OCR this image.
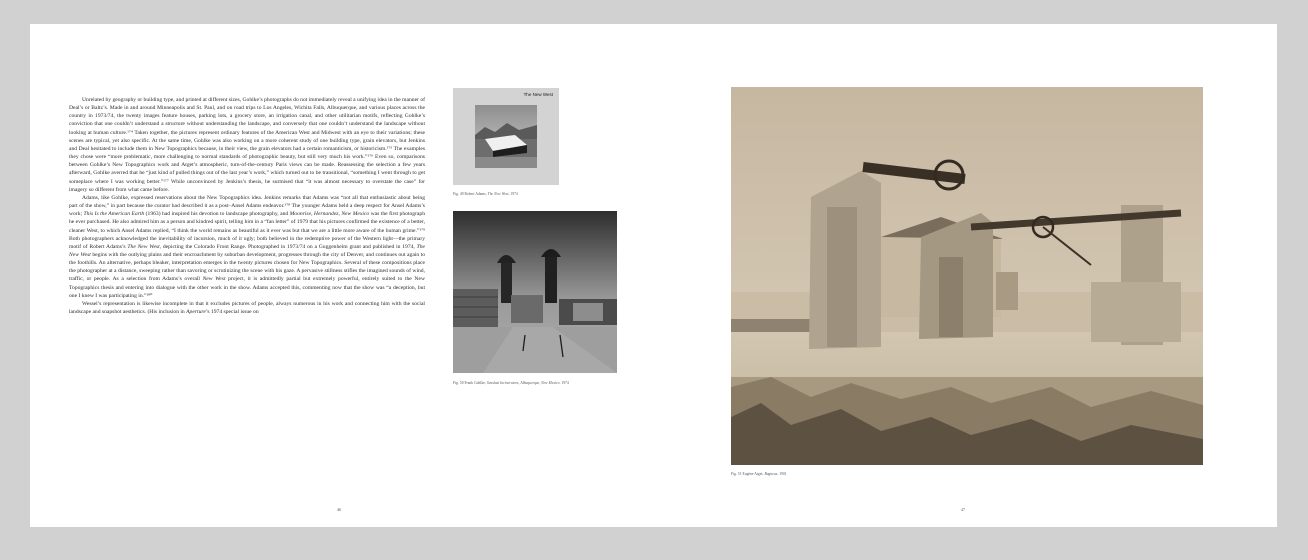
Unrelated by geography or building type, and printed at different sizes, Gohlke’s photographs do not immediately reveal a unifying idea in the manner of Deal’s or Baltz’s. Made in and around Minneapolis and St. Paul, and on road trips to Los Angeles, Wichita Falls, Albuquerque, and various places across the country in 1973/74, the twenty images feature houses, parking lots, a grocery store, an irrigation canal, and other utilitarian motifs, reflecting Gohlke’s conviction that one couldn’t understand a structure without understanding the landscape, and conversely that one couldn’t understand the landscape without looking at human culture.¹⁷⁴ Taken together, the pictures represent ordinary features of the American West and Midwest with an eye to their variations; these scenes are typical, yet also specific. At the same time, Gohlke was also working on a more coherent study of one building type, grain elevators, but Jenkins and Deal hesitated to include them in New Topographics because, in their view, the grain elevators had a certain romanticism, or historicism.¹⁷⁵ The examples they chose were “more problematic, more challenging to normal standards of photographic beauty, but still very much his work.”¹⁷⁶ Even so, comparisons between Gohlke’s New Topographics work and Atget’s atmospheric, turn-of-the-century Paris views can be made. Reassessing the selection a few years afterward, Gohlke averred that he “just kind of pulled things out of the last year’s work,” which turned out to be transitional, “something I went through to get someplace where I was working better.”¹⁷⁷ While unconvinced by Jenkins’s thesis, he surmised that “it was almost necessary to overstate the case” for imagery so different from what came before.

Adams, like Gohlke, expressed reservations about the New Topographics idea. Jenkins remarks that Adams was “not all that enthusiastic about being part of the show,” in part because the curator had described it as a post–Ansel Adams endeavor.¹⁷⁸ The younger Adams held a deep respect for Ansel Adams’s work; This Is the American Earth (1963) had inspired his devotion to landscape photography, and Moonrise, Hernandez, New Mexico was the first photograph he ever purchased. He also admired him as a person and kindred spirit, telling him in a “fan letter” of 1979 that his pictures confirmed the existence of a better, cleaner West, to which Ansel Adams replied, “I think the world remains as beautiful as it ever was but that we are a little more aware of the human grime.”¹⁷⁹ Both photographers acknowledged the inevitability of incursion, much of it ugly; both believed in the redemptive power of the Western light—the primary motif of Robert Adams’s The New West, depicting the Colorado Front Range. Photographed in 1973/74 on a Guggenheim grant and published in 1974, The New West begins with the outlying plains and their encroachment by suburban development, progresses through the city of Denver, and continues out again to the foothills. An alternative, perhaps bleaker, interpretation emerges in the twenty pictures chosen for New Topographics. Several of these compositions place the photographer at a distance, sweeping rather than savoring or scrutinizing the scene with his gaze. A pervasive stillness stifles the imagined sounds of wind, traffic, or people. As a selection from Adams’s overall New West project, it is admittedly partial but extremely powerful, entirely suited to the New Topographics thesis and entering into dialogue with the other work in the show. Adams accepted this, commenting now that the show was “a deception, but one I knew I was participating in.”¹⁸⁰

Wessel’s representation is likewise incomplete in that it excludes pictures of people, always numerous in his work and connecting him with the social landscape and snapshot aesthetics. (His inclusion in Aperture’s 1974 special issue on

The New West
Fig. 49 Robert Adams, The New West, 1974
Fig. 50 Frank Gohlke, Sawdust Incinerators, Albuquerque, New Mexico, 1974
46
Fig. 51 Eugène Atget, Bagneux, 1901
47
